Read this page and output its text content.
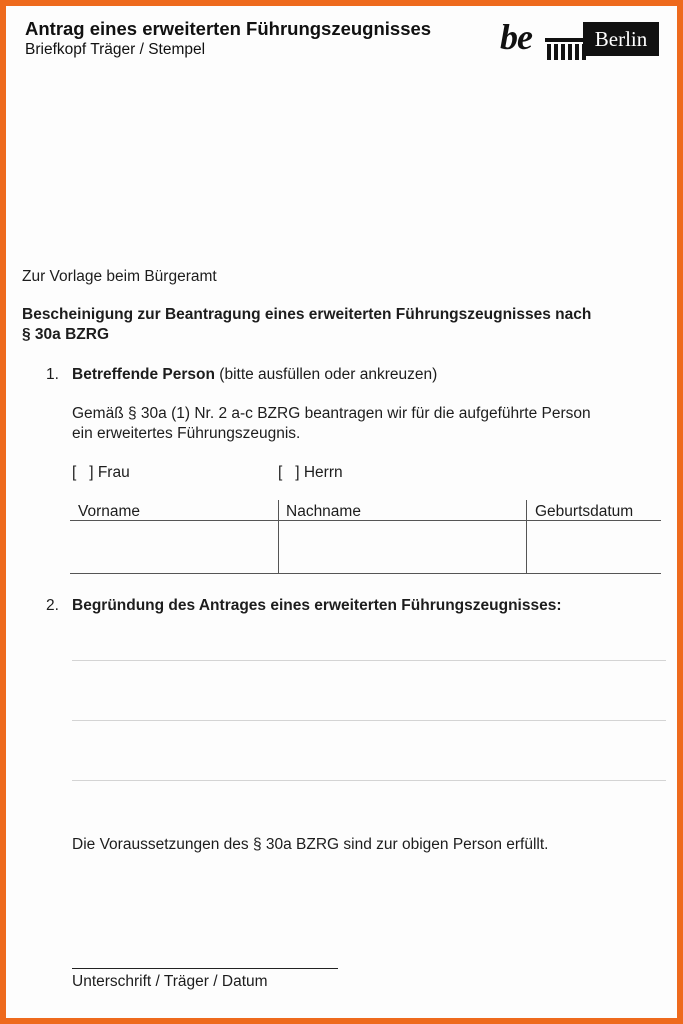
Antrag eines erweiterten Führungszeugnisses
Briefkopf Träger / Stempel	be	Berlin
Zur Vorlage beim Bürgeramt
Bescheinigung zur Beantragung eines erweiterten Führungszeugnisses nach
§ 30a BZRG
1. Betreffende Person (bitte ausfüllen oder ankreuzen)
Gemäß § 30a (1) Nr. 2 a-c BZRG beantragen wir für die aufgeführte Person
ein erweitertes Führungszeugnis.
[   ] Frau	[   ] Herrn
Vorname	Nachname	Geburtsdatum
2. Begründung des Antrages eines erweiterten Führungszeugnisses:
Die Voraussetzungen des § 30a BZRG sind zur obigen Person erfüllt.
Unterschrift / Träger / Datum
